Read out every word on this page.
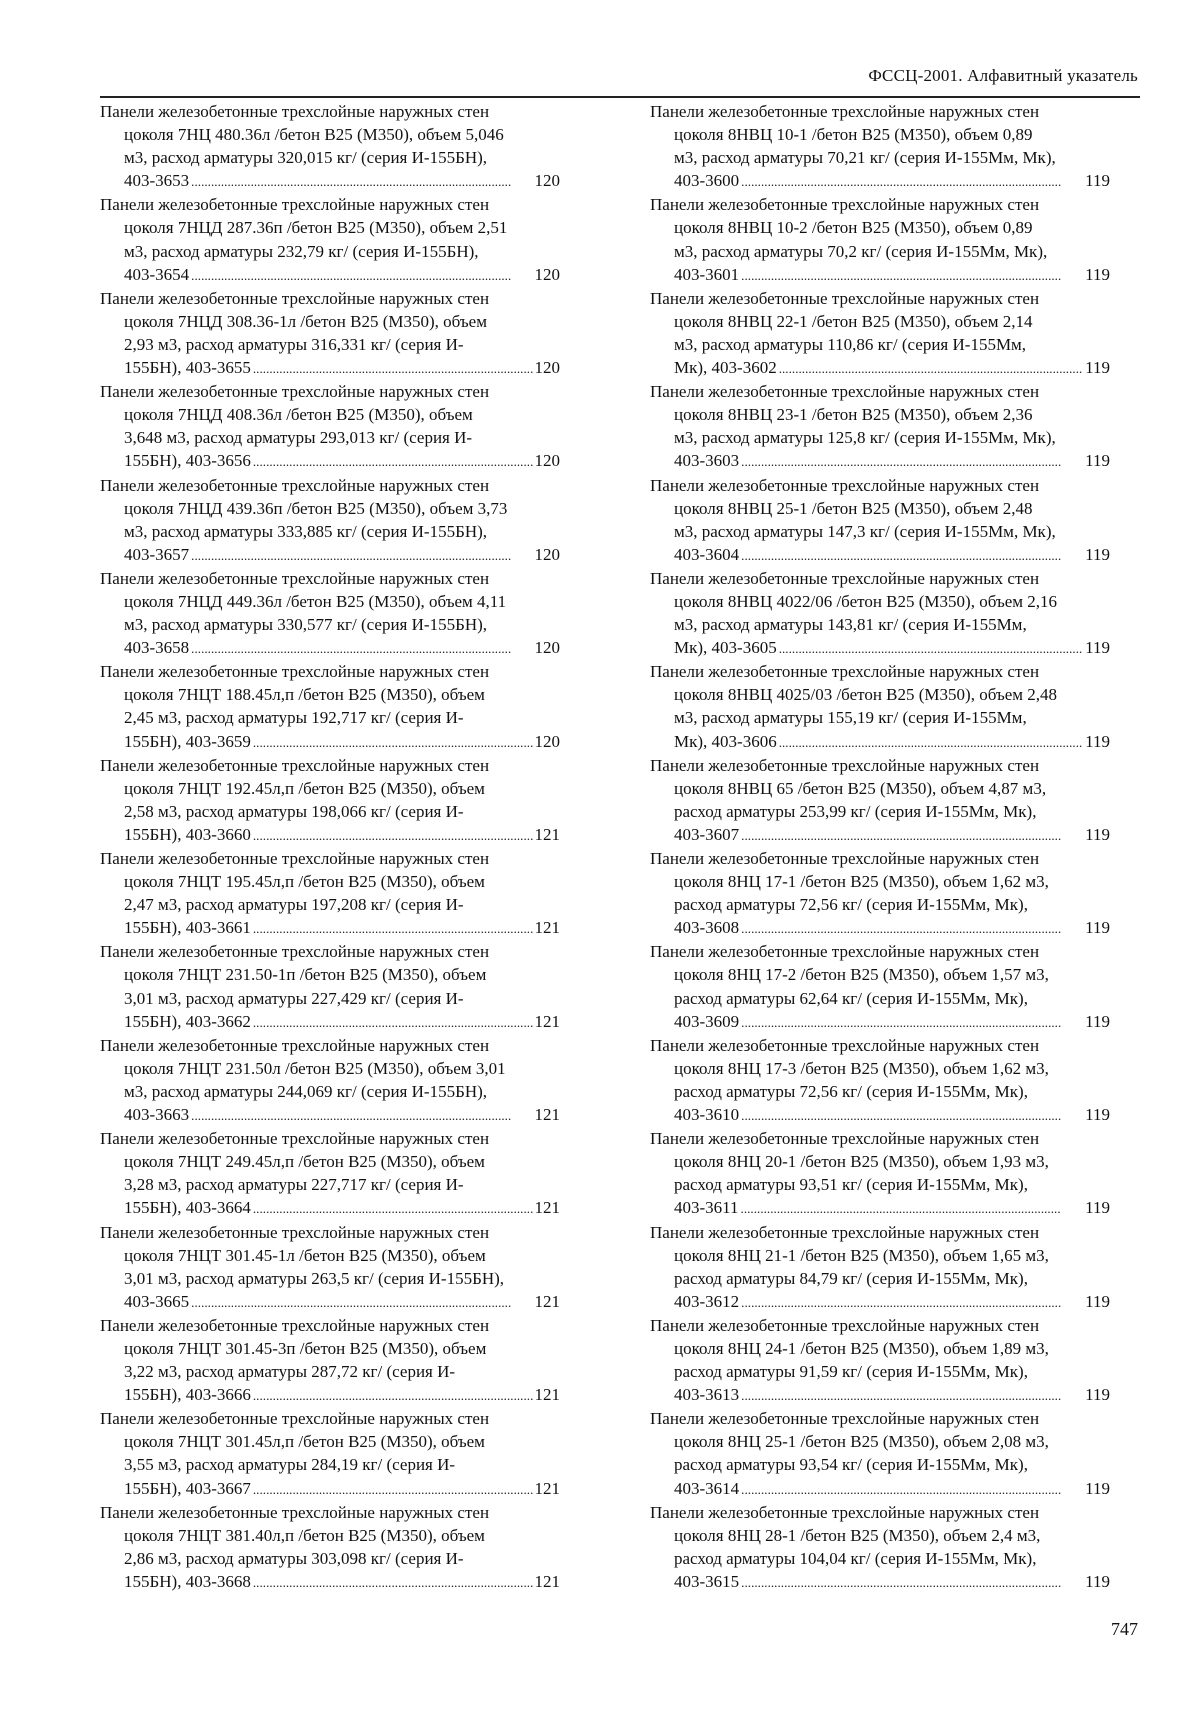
ФССЦ-2001. Алфавитный указатель
Панели железобетонные трехслойные наружных стен
цоколя 7НЦ 480.36л /бетон В25 (М350), объем 5,046
м3, расход арматуры 320,015 кг/ (серия И-155БН),
403-3653 . . .	120
Панели железобетонные трехслойные наружных стен
цоколя 7НЦД 287.36п /бетон В25 (М350), объем 2,51
м3, расход арматуры 232,79 кг/ (серия И-155БН),
403-3654 . . .	120
Панели железобетонные трехслойные наружных стен
цоколя 7НЦД 308.36-1л /бетон В25 (М350), объем
2,93 м3, расход арматуры 316,331 кг/ (серия И-
155БН), 403-3655 . . .	120
Панели железобетонные трехслойные наружных стен
цоколя 7НЦД 408.36л /бетон В25 (М350), объем
3,648 м3, расход арматуры 293,013 кг/ (серия И-
155БН), 403-3656 . . .	120
Панели железобетонные трехслойные наружных стен
цоколя 7НЦД 439.36п /бетон В25 (М350), объем 3,73
м3, расход арматуры 333,885 кг/ (серия И-155БН),
403-3657 . . .	120
Панели железобетонные трехслойные наружных стен
цоколя 7НЦД 449.36л /бетон В25 (М350), объем 4,11
м3, расход арматуры 330,577 кг/ (серия И-155БН),
403-3658 . . .	120
Панели железобетонные трехслойные наружных стен
цоколя 7НЦТ 188.45л,п /бетон В25 (М350), объем
2,45 м3, расход арматуры 192,717 кг/ (серия И-
155БН), 403-3659 . . .	120
Панели железобетонные трехслойные наружных стен
цоколя 7НЦТ 192.45л,п /бетон В25 (М350), объем
2,58 м3, расход арматуры 198,066 кг/ (серия И-
155БН), 403-3660 . . .	121
Панели железобетонные трехслойные наружных стен
цоколя 7НЦТ 195.45л,п /бетон В25 (М350), объем
2,47 м3, расход арматуры 197,208 кг/ (серия И-
155БН), 403-3661 . . .	121
Панели железобетонные трехслойные наружных стен
цоколя 7НЦТ 231.50-1п /бетон В25 (М350), объем
3,01 м3, расход арматуры 227,429 кг/ (серия И-
155БН), 403-3662 . . .	121
Панели железобетонные трехслойные наружных стен
цоколя 7НЦТ 231.50л /бетон В25 (М350), объем 3,01
м3, расход арматуры 244,069 кг/ (серия И-155БН),
403-3663 . . .	121
Панели железобетонные трехслойные наружных стен
цоколя 7НЦТ 249.45л,п /бетон В25 (М350), объем
3,28 м3, расход арматуры 227,717 кг/ (серия И-
155БН), 403-3664 . . .	121
Панели железобетонные трехслойные наружных стен
цоколя 7НЦТ 301.45-1л /бетон В25 (М350), объем
3,01 м3, расход арматуры 263,5 кг/ (серия И-155БН),
403-3665 . . .	121
Панели железобетонные трехслойные наружных стен
цоколя 7НЦТ 301.45-3п /бетон В25 (М350), объем
3,22 м3, расход арматуры 287,72 кг/ (серия И-
155БН), 403-3666 . . .	121
Панели железобетонные трехслойные наружных стен
цоколя 7НЦТ 301.45л,п /бетон В25 (М350), объем
3,55 м3, расход арматуры 284,19 кг/ (серия И-
155БН), 403-3667 . . .	121
Панели железобетонные трехслойные наружных стен
цоколя 7НЦТ 381.40л,п /бетон В25 (М350), объем
2,86 м3, расход арматуры 303,098 кг/ (серия И-
155БН), 403-3668 . . .	121
Панели железобетонные трехслойные наружных стен
цоколя 8НВЦ 10-1 /бетон В25 (М350), объем 0,89
м3, расход арматуры 70,21 кг/ (серия И-155Мм, Мк),
403-3600 . . .	119
Панели железобетонные трехслойные наружных стен
цоколя 8НВЦ 10-2 /бетон В25 (М350), объем 0,89
м3, расход арматуры 70,2 кг/ (серия И-155Мм, Мк),
403-3601 . . .	119
Панели железобетонные трехслойные наружных стен
цоколя 8НВЦ 22-1 /бетон В25 (М350), объем 2,14
м3, расход арматуры 110,86 кг/ (серия И-155Мм,
Мк), 403-3602 . . .	119
Панели железобетонные трехслойные наружных стен
цоколя 8НВЦ 23-1 /бетон В25 (М350), объем 2,36
м3, расход арматуры 125,8 кг/ (серия И-155Мм, Мк),
403-3603 . . .	119
Панели железобетонные трехслойные наружных стен
цоколя 8НВЦ 25-1 /бетон В25 (М350), объем 2,48
м3, расход арматуры 147,3 кг/ (серия И-155Мм, Мк),
403-3604 . . .	119
Панели железобетонные трехслойные наружных стен
цоколя 8НВЦ 4022/06 /бетон В25 (М350), объем 2,16
м3, расход арматуры 143,81 кг/ (серия И-155Мм,
Мк), 403-3605 . . .	119
Панели железобетонные трехслойные наружных стен
цоколя 8НВЦ 4025/03 /бетон В25 (М350), объем 2,48
м3, расход арматуры 155,19 кг/ (серия И-155Мм,
Мк), 403-3606 . . .	119
Панели железобетонные трехслойные наружных стен
цоколя 8НВЦ 65 /бетон В25 (М350), объем 4,87 м3,
расход арматуры 253,99 кг/ (серия И-155Мм, Мк),
403-3607 . . .	119
Панели железобетонные трехслойные наружных стен
цоколя 8НЦ 17-1 /бетон В25 (М350), объем 1,62 м3,
расход арматуры 72,56 кг/ (серия И-155Мм, Мк),
403-3608 . . .	119
Панели железобетонные трехслойные наружных стен
цоколя 8НЦ 17-2 /бетон В25 (М350), объем 1,57 м3,
расход арматуры 62,64 кг/ (серия И-155Мм, Мк),
403-3609 . . .	119
Панели железобетонные трехслойные наружных стен
цоколя 8НЦ 17-3 /бетон В25 (М350), объем 1,62 м3,
расход арматуры 72,56 кг/ (серия И-155Мм, Мк),
403-3610 . . .	119
Панели железобетонные трехслойные наружных стен
цоколя 8НЦ 20-1 /бетон В25 (М350), объем 1,93 м3,
расход арматуры 93,51 кг/ (серия И-155Мм, Мк),
403-3611 . . .	119
Панели железобетонные трехслойные наружных стен
цоколя 8НЦ 21-1 /бетон В25 (М350), объем 1,65 м3,
расход арматуры 84,79 кг/ (серия И-155Мм, Мк),
403-3612 . . .	119
Панели железобетонные трехслойные наружных стен
цоколя 8НЦ 24-1 /бетон В25 (М350), объем 1,89 м3,
расход арматуры 91,59 кг/ (серия И-155Мм, Мк),
403-3613 . . .	119
Панели железобетонные трехслойные наружных стен
цоколя 8НЦ 25-1 /бетон В25 (М350), объем 2,08 м3,
расход арматуры 93,54 кг/ (серия И-155Мм, Мк),
403-3614 . . .	119
Панели железобетонные трехслойные наружных стен
цоколя 8НЦ 28-1 /бетон В25 (М350), объем 2,4 м3,
расход арматуры 104,04 кг/ (серия И-155Мм, Мк),
403-3615 . . .	119
747
